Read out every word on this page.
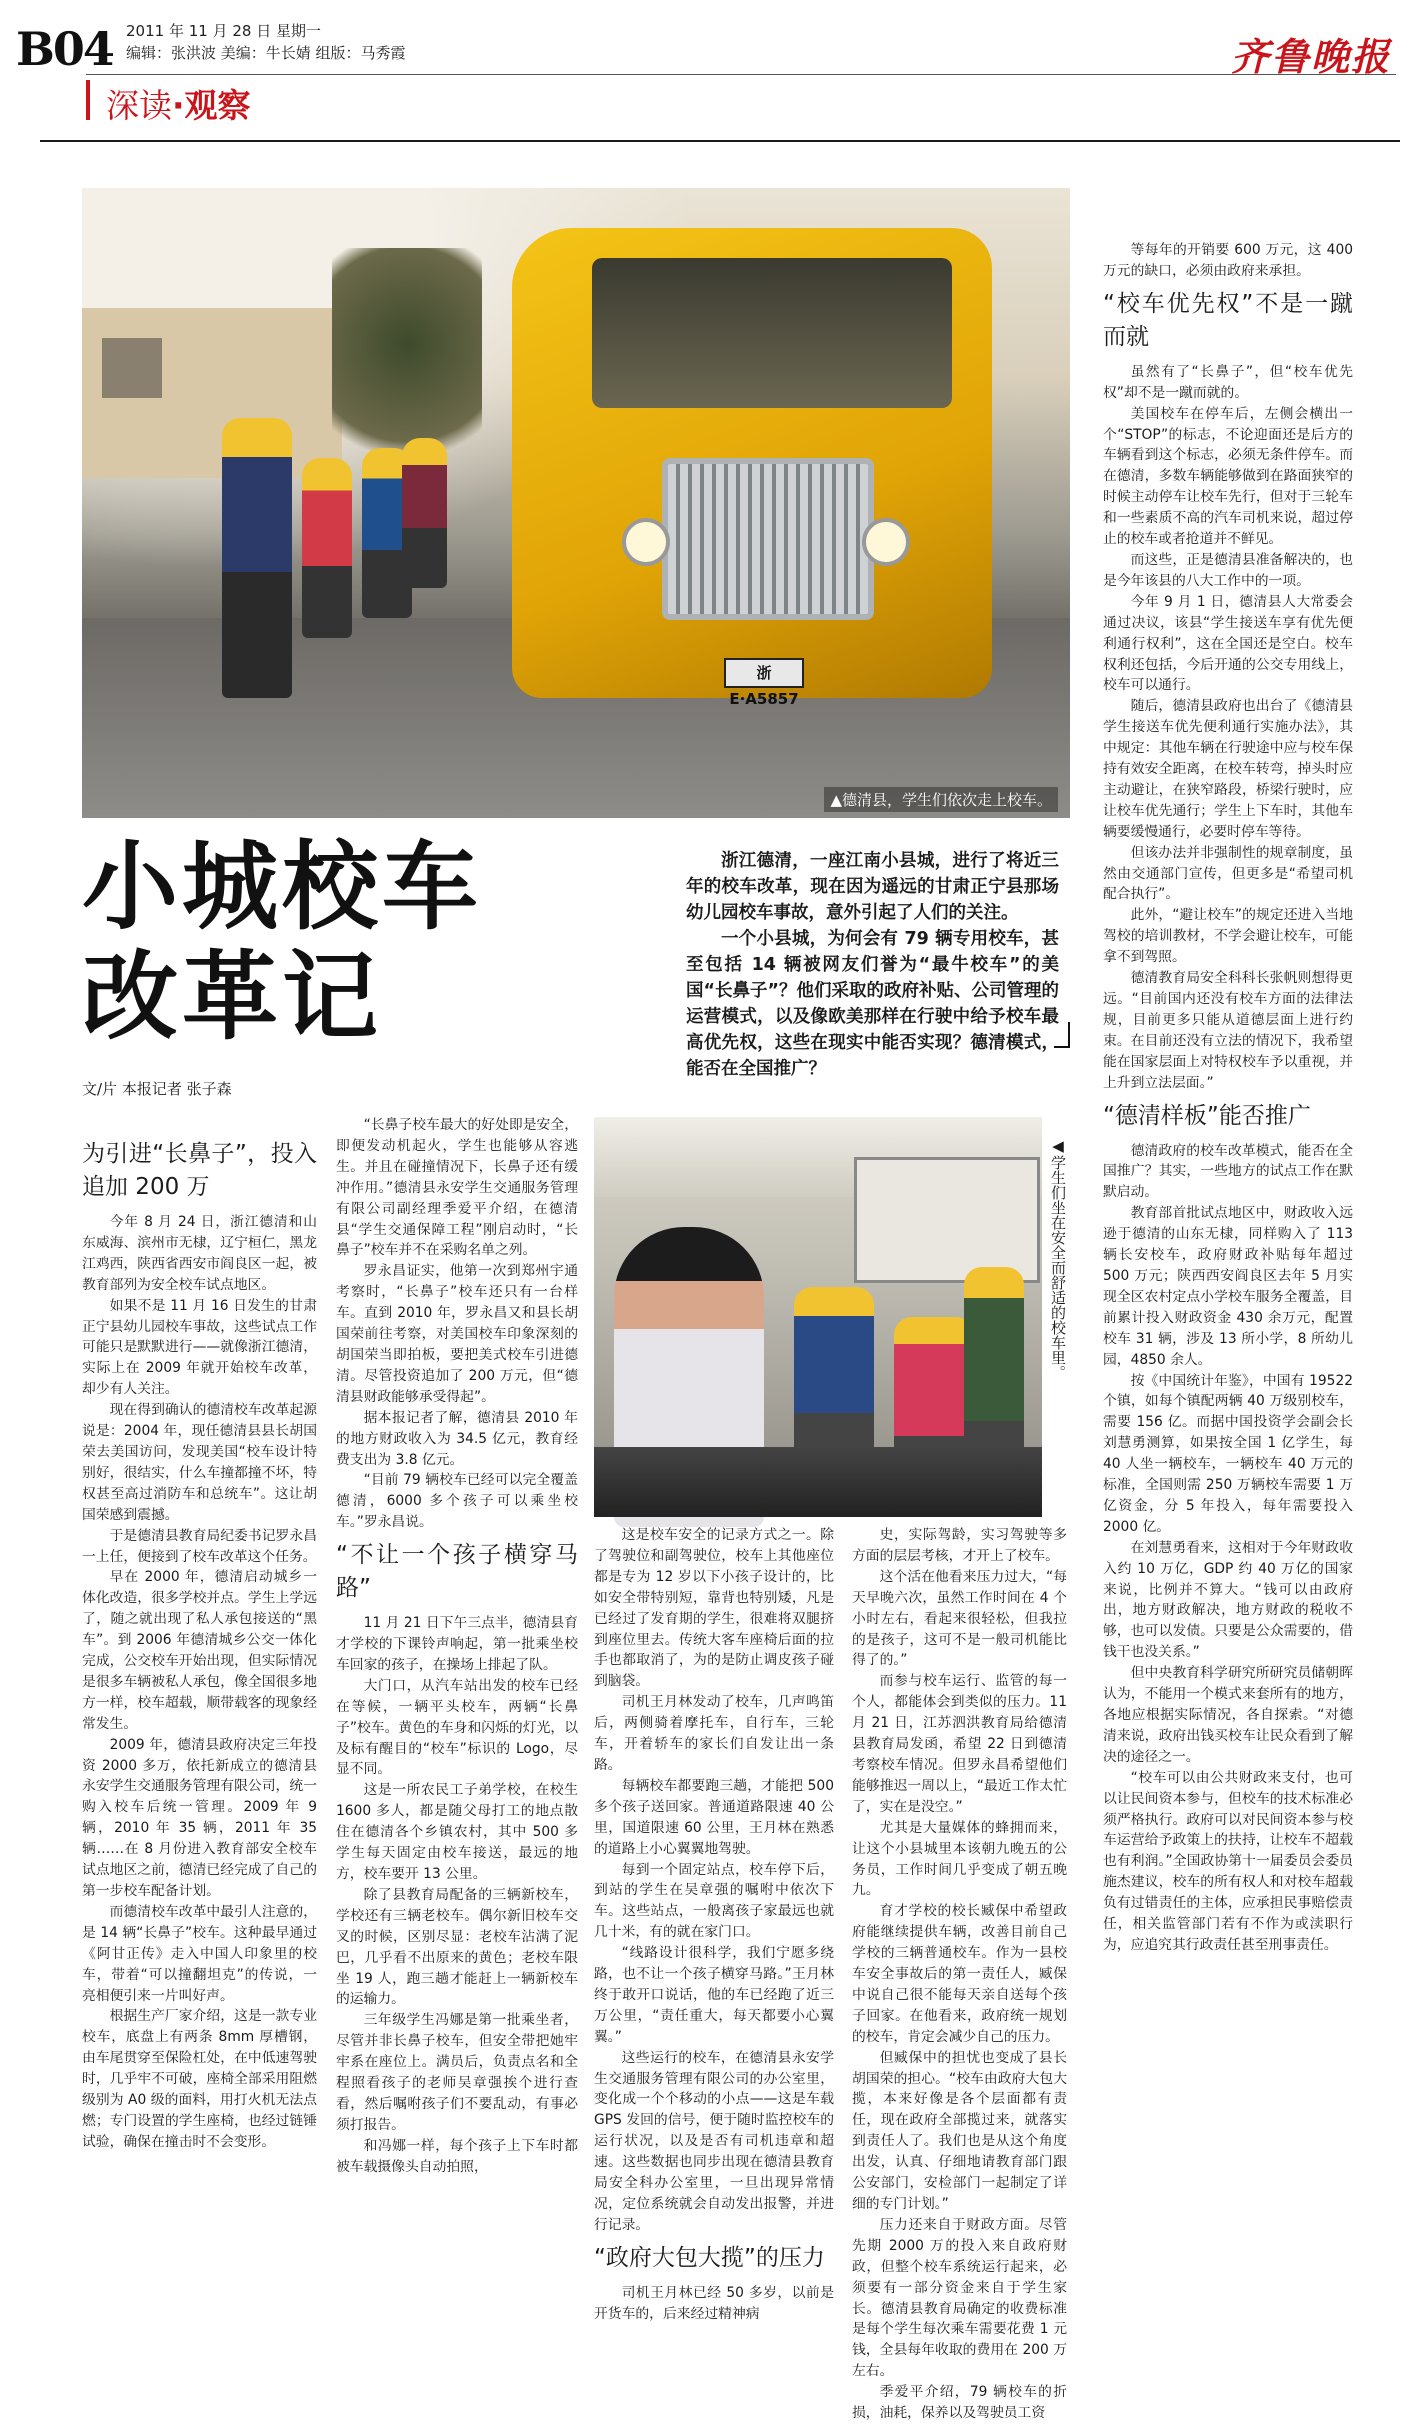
B04 2011 年 11 月 28 日 星期一
编辑：张洪波 美编：牛长婧 组版：马秀霞	齐鲁晚报
深读·观察
浙E·A5857
▲德清县，学生们依次走上校车。
小城校车
改革记
文/片 本报记者 张子森

浙江德清，一座江南小县城，进行了将近三年的校车改革，现在因为遥远的甘肃正宁县那场幼儿园校车事故，意外引起了人们的关注。

一个小县城，为何会有 79 辆专用校车，甚至包括 14 辆被网友们誉为“最牛校车”的美国“长鼻子”？他们采取的政府补贴、公司管理的运营模式，以及像欧美那样在行驶中给予校车最高优先权，这些在现实中能否实现？德清模式，能否在全国推广？

◀学生们坐在安全而舒适的校车里。
为引进“长鼻子”，投入追加 200 万

今年 8 月 24 日，浙江德清和山东威海、滨州市无棣，辽宁桓仁，黑龙江鸡西，陕西省西安市阎良区一起，被教育部列为安全校车试点地区。

如果不是 11 月 16 日发生的甘肃正宁县幼儿园校车事故，这些试点工作可能只是默默进行——就像浙江德清，实际上在 2009 年就开始校车改革，却少有人关注。

现在得到确认的德清校车改革起源说是：2004 年，现任德清县县长胡国荣去美国访问，发现美国“校车设计特别好，很结实，什么车撞都撞不坏，特权甚至高过消防车和总统车”。这让胡国荣感到震撼。

于是德清县教育局纪委书记罗永昌一上任，便接到了校车改革这个任务。

早在 2000 年，德清启动城乡一体化改造，很多学校并点。学生上学远了，随之就出现了私人承包接送的“黑车”。到 2006 年德清城乡公交一体化完成，公交校车开始出现，但实际情况是很多车辆被私人承包，像全国很多地方一样，校车超载，顺带载客的现象经常发生。

2009 年，德清县政府决定三年投资 2000 多万，依托新成立的德清县永安学生交通服务管理有限公司，统一购入校车后统一管理。2009 年 9 辆，2010 年 35 辆，2011 年 35 辆……在 8 月份进入教育部安全校车试点地区之前，德清已经完成了自己的第一步校车配备计划。

而德清校车改革中最引人注意的，是 14 辆“长鼻子”校车。这种最早通过《阿甘正传》走入中国人印象里的校车，带着“可以撞翻坦克”的传说，一亮相便引来一片叫好声。

根据生产厂家介绍，这是一款专业校车，底盘上有两条 8mm 厚槽钢，由车尾贯穿至保险杠处，在中低速驾驶时，几乎牢不可破，座椅全部采用阻燃级别为 A0 级的面料，用打火机无法点燃；专门设置的学生座椅，也经过链锤试验，确保在撞击时不会变形。

“长鼻子校车最大的好处即是安全，即便发动机起火，学生也能够从容逃生。并且在碰撞情况下，长鼻子还有缓冲作用。”德清县永安学生交通服务管理有限公司副经理季爱平介绍，在德清县“学生交通保障工程”刚启动时，“长鼻子”校车并不在采购名单之列。

罗永昌证实，他第一次到郑州宇通考察时，“长鼻子”校车还只有一台样车。直到 2010 年，罗永昌又和县长胡国荣前往考察，对美国校车印象深刻的胡国荣当即拍板，要把美式校车引进德清。尽管投资追加了 200 万元，但“德清县财政能够承受得起”。

据本报记者了解，德清县 2010 年的地方财政收入为 34.5 亿元，教育经费支出为 3.8 亿元。

“目前 79 辆校车已经可以完全覆盖德清，6000 多个孩子可以乘坐校车。”罗永昌说。

“不让一个孩子横穿马路”

11 月 21 日下午三点半，德清县育才学校的下课铃声响起，第一批乘坐校车回家的孩子，在操场上排起了队。

大门口，从汽车站出发的校车已经在等候，一辆平头校车，两辆“长鼻子”校车。黄色的车身和闪烁的灯光，以及标有醒目的“校车”标识的 Logo，尽显不同。

这是一所农民工子弟学校，在校生 1600 多人，都是随父母打工的地点散住在德清各个乡镇农村，其中 500 多学生每天固定由校车接送，最远的地方，校车要开 13 公里。

除了县教育局配备的三辆新校车，学校还有三辆老校车。偶尔新旧校车交叉的时候，区别尽显：老校车沾满了泥巴，几乎看不出原来的黄色；老校车限坐 19 人，跑三趟才能赶上一辆新校车的运输力。

三年级学生冯娜是第一批乘坐者，尽管并非长鼻子校车，但安全带把她牢牢系在座位上。满员后，负责点名和全程照看孩子的老师吴章强挨个进行查看，然后嘱咐孩子们不要乱动，有事必须打报告。

和冯娜一样，每个孩子上下车时都被车载摄像头自动拍照，

这是校车安全的记录方式之一。除了驾驶位和副驾驶位，校车上其他座位都是专为 12 岁以下小孩子设计的，比如安全带特别短，靠背也特别矮，凡是已经过了发育期的学生，很难将双腿挤到座位里去。传统大客车座椅后面的拉手也都取消了，为的是防止调皮孩子碰到脑袋。

司机王月林发动了校车，几声鸣笛后，两侧骑着摩托车，自行车，三轮车，开着轿车的家长们自发让出一条路。

每辆校车都要跑三趟，才能把 500 多个孩子送回家。普通道路限速 40 公里，国道限速 60 公里，王月林在熟悉的道路上小心翼翼地驾驶。

每到一个固定站点，校车停下后，到站的学生在吴章强的嘱咐中依次下车。这些站点，一般离孩子家最远也就几十米，有的就在家门口。

“线路设计很科学，我们宁愿多绕路，也不让一个孩子横穿马路。”王月林终于敢开口说话，他的车已经跑了近三万公里，“责任重大，每天都要小心翼翼。”

这些运行的校车，在德清县永安学生交通服务管理有限公司的办公室里，变化成一个个移动的小点——这是车载 GPS 发回的信号，便于随时监控校车的运行状况，以及是否有司机违章和超速。这些数据也同步出现在德清县教育局安全科办公室里，一旦出现异常情况，定位系统就会自动发出报警，并进行记录。

“政府大包大揽”的压力

司机王月林已经 50 多岁，以前是开货车的，后来经过精神病

史，实际驾龄，实习驾驶等多方面的层层考核，才开上了校车。

这个活在他看来压力过大，“每天早晚六次，虽然工作时间在 4 个小时左右，看起来很轻松，但我拉的是孩子，这可不是一般司机能比得了的。”

而参与校车运行、监管的每一个人，都能体会到类似的压力。11 月 21 日，江苏泗洪教育局给德清县教育局发函，希望 22 日到德清考察校车情况。但罗永昌希望他们能够推迟一周以上，“最近工作太忙了，实在是没空。”

尤其是大量媒体的蜂拥而来，让这个小县城里本该朝九晚五的公务员，工作时间几乎变成了朝五晚九。

育才学校的校长臧保中希望政府能继续提供车辆，改善目前自己学校的三辆普通校车。作为一县校车安全事故后的第一责任人，臧保中说自己很不能每天亲自送每个孩子回家。在他看来，政府统一规划的校车，肯定会减少自己的压力。

但臧保中的担忧也变成了县长胡国荣的担心。“校车由政府大包大揽，本来好像是各个层面都有责任，现在政府全部揽过来，就落实到责任人了。我们也是从这个角度出发，认真、仔细地请教育部门跟公安部门，安检部门一起制定了详细的专门计划。”

压力还来自于财政方面。尽管先期 2000 万的投入来自政府财政，但整个校车系统运行起来，必须要有一部分资金来自于学生家长。德清县教育局确定的收费标准是每个学生每次乘车需要花费 1 元钱，全县每年收取的费用在 200 万左右。

季爱平介绍，79 辆校车的折损，油耗，保养以及驾驶员工资

等每年的开销要 600 万元，这 400 万元的缺口，必须由政府来承担。

“校车优先权”不是一蹴而就

虽然有了“长鼻子”，但“校车优先权”却不是一蹴而就的。

美国校车在停车后，左侧会横出一个“STOP”的标志，不论迎面还是后方的车辆看到这个标志，必须无条件停车。而在德清，多数车辆能够做到在路面狭窄的时候主动停车让校车先行，但对于三轮车和一些素质不高的汽车司机来说，超过停止的校车或者抢道并不鲜见。

而这些，正是德清县准备解决的，也是今年该县的八大工作中的一项。

今年 9 月 1 日，德清县人大常委会通过决议，该县“学生接送车享有优先便利通行权利”，这在全国还是空白。校车权利还包括，今后开通的公交专用线上，校车可以通行。

随后，德清县政府也出台了《德清县学生接送车优先便利通行实施办法》，其中规定：其他车辆在行驶途中应与校车保持有效安全距离，在校车转弯，掉头时应主动避让，在狭窄路段，桥梁行驶时，应让校车优先通行；学生上下车时，其他车辆要缓慢通行，必要时停车等待。

但该办法并非强制性的规章制度，虽然由交通部门宣传，但更多是“希望司机配合执行”。

此外，“避让校车”的规定还进入当地驾校的培训教材，不学会避让校车，可能拿不到驾照。

德清教育局安全科科长张帆则想得更远。“目前国内还没有校车方面的法律法规，目前更多只能从道德层面上进行约束。在目前还没有立法的情况下，我希望能在国家层面上对特权校车予以重视，并上升到立法层面。”

“德清样板”能否推广

德清政府的校车改革模式，能否在全国推广？其实，一些地方的试点工作在默默启动。

教育部首批试点地区中，财政收入远逊于德清的山东无棣，同样购入了 113 辆长安校车，政府财政补贴每年超过 500 万元；陕西西安阎良区去年 5 月实现全区农村定点小学校车服务全覆盖，目前累计投入财政资金 430 余万元，配置校车 31 辆，涉及 13 所小学，8 所幼儿园，4850 余人。

按《中国统计年鉴》，中国有 19522 个镇，如每个镇配两辆 40 万级别校车，需要 156 亿。而据中国投资学会副会长刘慧勇测算，如果按全国 1 亿学生，每 40 人坐一辆校车，一辆校车 40 万元的标准，全国则需 250 万辆校车需要 1 万亿资金，分 5 年投入，每年需要投入 2000 亿。

在刘慧勇看来，这相对于今年财政收入约 10 万亿，GDP 约 40 万亿的国家来说，比例并不算大。“钱可以由政府出，地方财政解决，地方财政的税收不够，也可以发债。只要是公众需要的，借钱干也没关系。”

但中央教育科学研究所研究员储朝晖认为，不能用一个模式来套所有的地方，各地应根据实际情况，各自探索。“对德清来说，政府出钱买校车让民众看到了解决的途径之一。

“校车可以由公共财政来支付，也可以让民间资本参与，但校车的技术标准必须严格执行。政府可以对民间资本参与校车运营给予政策上的扶持，让校车不超载也有利润。”全国政协第十一届委员会委员施杰建议，校车的所有权人和对校车超载负有过错责任的主体，应承担民事赔偿责任，相关监管部门若有不作为或渎职行为，应追究其行政责任甚至刑事责任。
